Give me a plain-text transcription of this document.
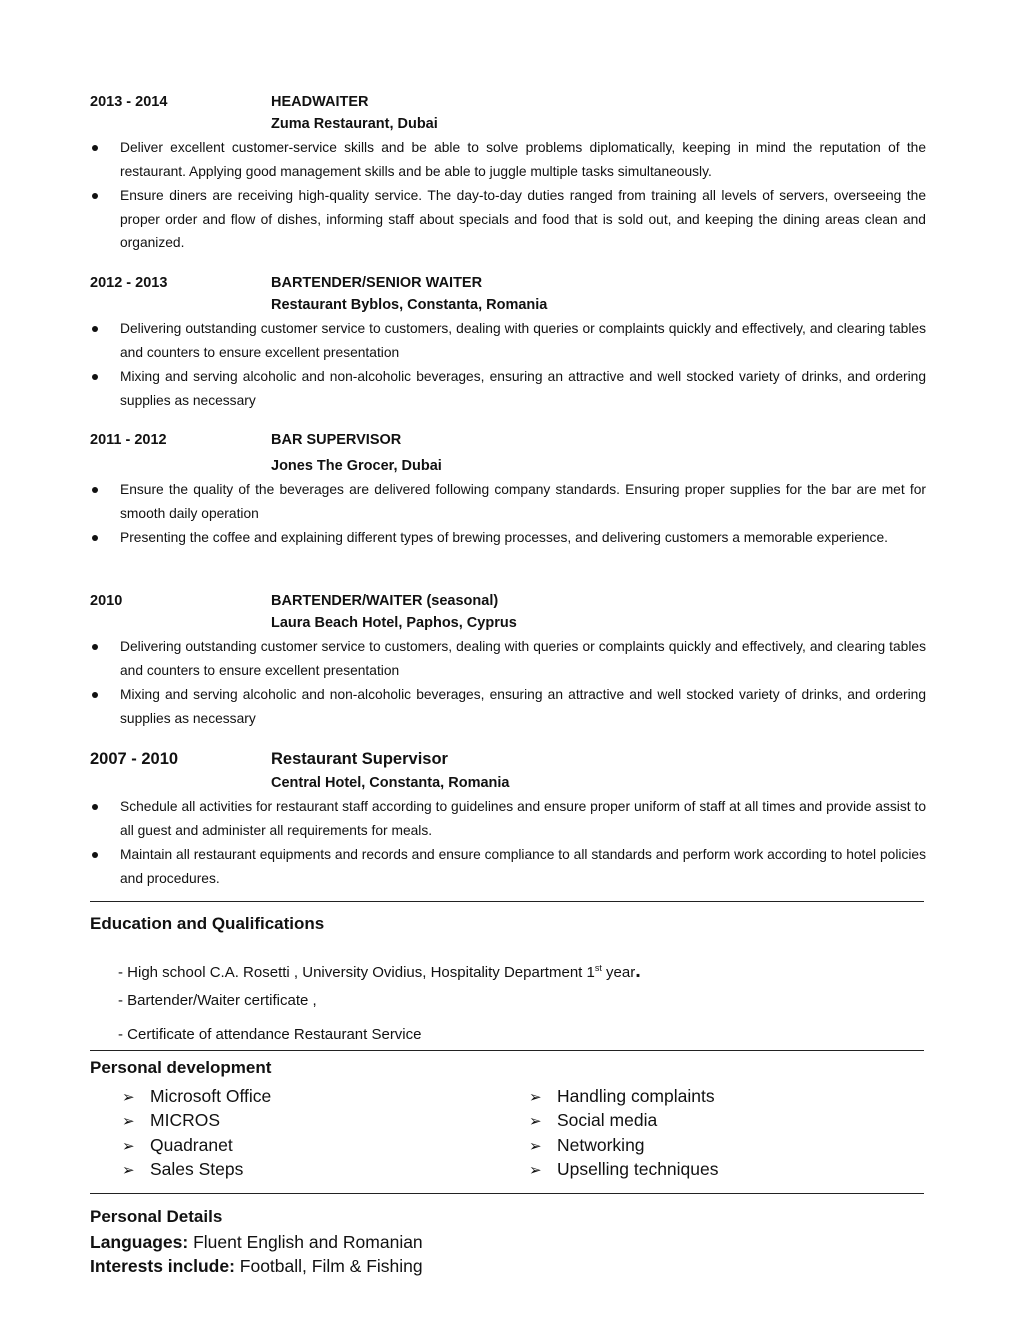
2013 - 2014	HEADWAITER
Zuma Restaurant, Dubai
Deliver excellent customer-service skills and be able to solve problems diplomatically, keeping in mind the reputation of the restaurant. Applying good management skills and be able to juggle multiple tasks simultaneously.
Ensure diners are receiving high-quality service. The day-to-day duties ranged from training all levels of servers, overseeing the proper order and flow of dishes, informing staff about specials and food that is sold out, and keeping the dining areas clean and organized.
2012 - 2013	BARTENDER/SENIOR WAITER
Restaurant Byblos, Constanta, Romania
Delivering outstanding customer service to customers, dealing with queries or complaints quickly and effectively, and clearing tables and counters to ensure excellent presentation
Mixing and serving alcoholic and non-alcoholic beverages, ensuring an attractive and well stocked variety of drinks, and ordering supplies as necessary
2011 - 2012	BAR SUPERVISOR
Jones The Grocer, Dubai
Ensure the quality of the beverages are delivered following company standards. Ensuring proper supplies for the bar are met for smooth daily operation
Presenting the coffee and explaining different types of brewing processes, and delivering customers a memorable experience.
2010	BARTENDER/WAITER (seasonal)
Laura Beach Hotel, Paphos, Cyprus
Delivering outstanding customer service to customers, dealing with queries or complaints quickly and effectively, and clearing tables and counters to ensure excellent presentation
Mixing and serving alcoholic and non-alcoholic beverages, ensuring an attractive and well stocked variety of drinks, and ordering supplies as necessary
2007 - 2010	Restaurant Supervisor
Central Hotel, Constanta, Romania
Schedule all activities for restaurant staff according to guidelines and ensure proper uniform of staff at all times and provide assist to all guest and administer all requirements for meals.
Maintain all restaurant equipments and records and ensure compliance to all standards and perform work according to hotel policies and procedures.
Education and Qualifications
- High school C.A. Rosetti , University Ovidius, Hospitality Department 1st year.
- Bartender/Waiter certificate ,
- Certificate of attendance Restaurant Service
Personal development
➢ Microsoft Office
➢ MICROS
➢ Quadranet
➢ Sales Steps
➢ Handling complaints
➢ Social media
➢ Networking
➢ Upselling techniques
Personal Details
Languages: Fluent English and Romanian
Interests include: Football, Film & Fishing
